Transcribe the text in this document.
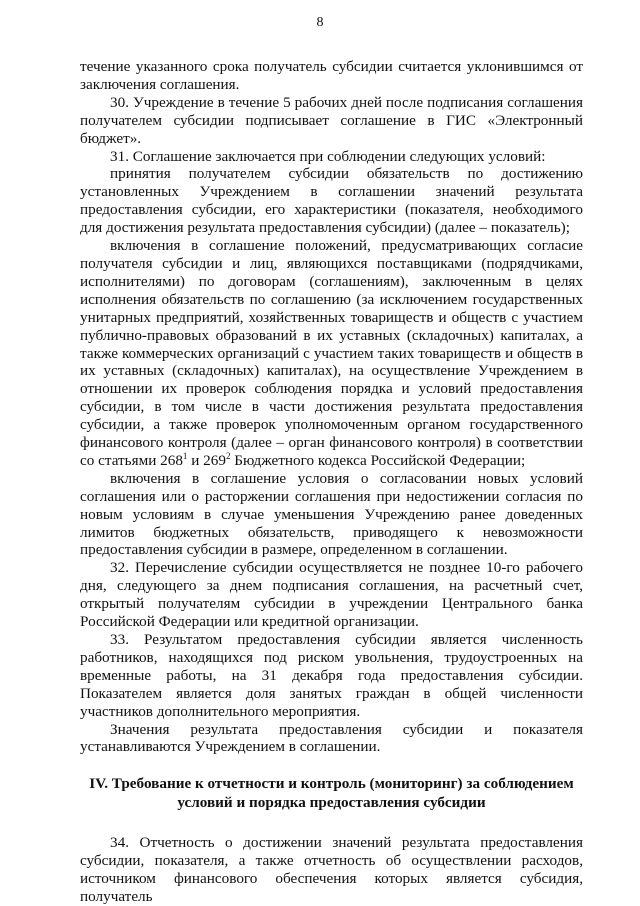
8

течение указанного срока получатель субсидии считается уклонившимся от заключения соглашения.

30. Учреждение в течение 5 рабочих дней после подписания соглашения получателем субсидии подписывает соглашение в ГИС «Электронный бюджет».

31. Соглашение заключается при соблюдении следующих условий:

принятия получателем субсидии обязательств по достижению установленных Учреждением в соглашении значений результата предоставления субсидии, его характеристики (показателя, необходимого для достижения результата предоставления субсидии) (далее – показатель);

включения в соглашение положений, предусматривающих согласие получателя субсидии и лиц, являющихся поставщиками (подрядчиками, исполнителями) по договорам (соглашениям), заключенным в целях исполнения обязательств по соглашению (за исключением государственных унитарных предприятий, хозяйственных товариществ и обществ с участием публично-правовых образований в их уставных (складочных) капиталах, а также коммерческих организаций с участием таких товариществ и обществ в их уставных (складочных) капиталах), на осуществление Учреждением в отношении их проверок соблюдения порядка и условий предоставления субсидии, в том числе в части достижения результата предоставления субсидии, а также проверок уполномоченным органом государственного финансового контроля (далее – орган финансового контроля) в соответствии со статьями $268^1$ и $269^2$ Бюджетного кодекса Российской Федерации;

включения в соглашение условия о согласовании новых условий соглашения или о расторжении соглашения при недостижении согласия по новым условиям в случае уменьшения Учреждению ранее доведенных лимитов бюджетных обязательств, приводящего к невозможности предоставления субсидии в размере, определенном в соглашении.

32. Перечисление субсидии осуществляется не позднее 10-го рабочего дня, следующего за днем подписания соглашения, на расчетный счет, открытый получателям субсидии в учреждении Центрального банка Российской Федерации или кредитной организации.

33. Результатом предоставления субсидии является численность работников, находящихся под риском увольнения, трудоустроенных на временные работы, на 31 декабря года предоставления субсидии. Показателем является доля занятых граждан в общей численности участников дополнительного мероприятия.

Значения результата предоставления субсидии и показателя устанавливаются Учреждением в соглашении.

IV. Требование к отчетности и контроль (мониторинг) за соблюдением условий и порядка предоставления субсидии

34. Отчетность о достижении значений результата предоставления субсидии, показателя, а также отчетность об осуществлении расходов, источником финансового обеспечения которых является субсидия, получатель
